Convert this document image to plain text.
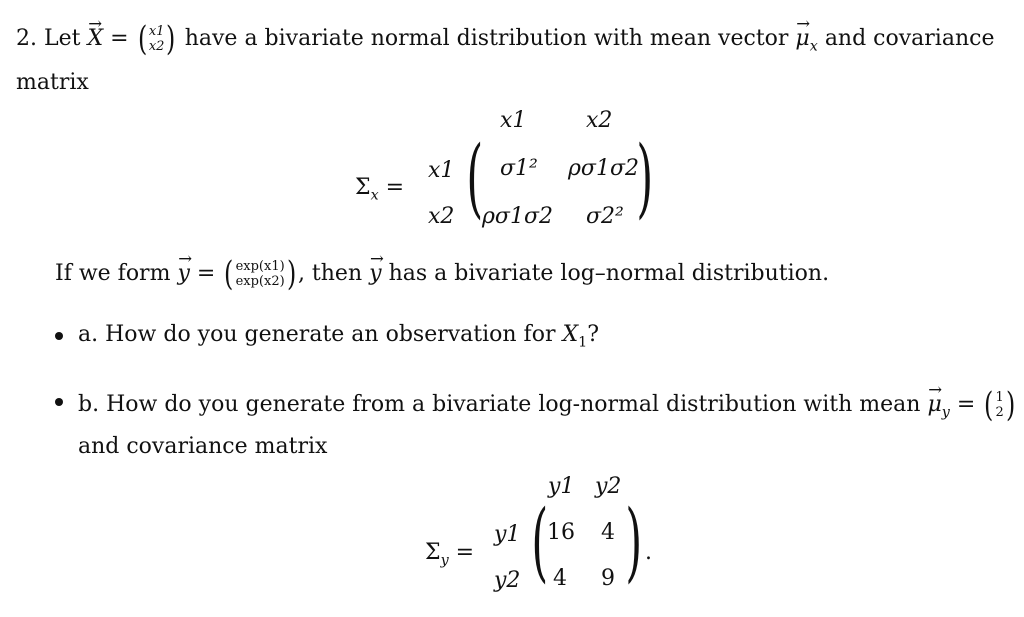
2. Let → X = ( x1
x2 ) have a bivariate normal distribution with mean vector → $\mu_x$ and covariance
matrix
$\Sigma_x$ =
x1	x2
x1
x2 ( )
σ1² ρσ1σ2
ρσ1σ2 σ2²
If we form → y = ( exp(x1)
exp(x2) ) , then → y has a bivariate log–normal distribution.
a. How do you generate an observation for $X_1$?
b. How do you generate from a bivariate log-normal distribution with mean → $\mu_y$ = ( 1
2 )
and covariance matrix
$\Sigma_y$ =
y1 y2
y1
y2 ( )
16 4
4 9
.
